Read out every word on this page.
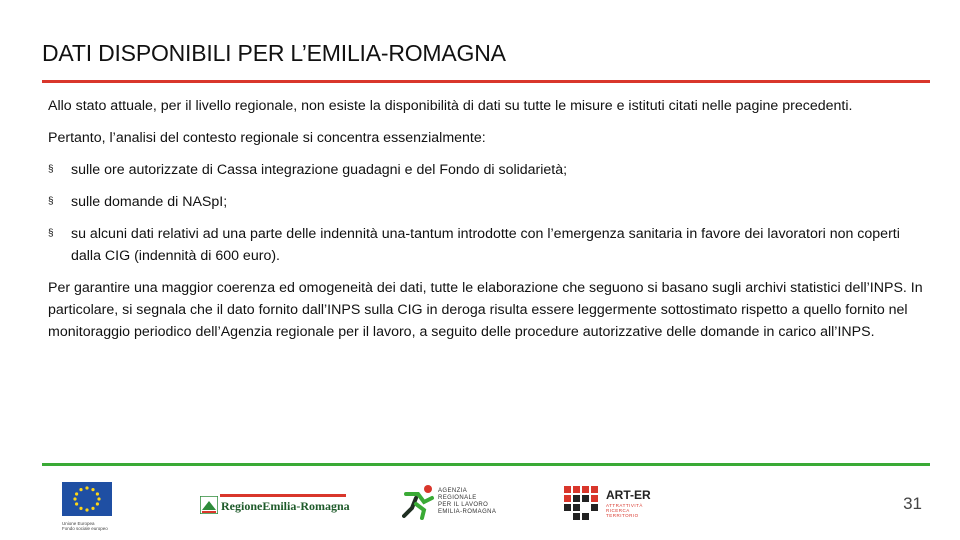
DATI DISPONIBILI PER L’EMILIA-ROMAGNA

Allo stato attuale, per il livello regionale, non esiste la disponibilità di dati su tutte le misure e istituti citati nelle pagine precedenti.

Pertanto, l’analisi del contesto regionale si concentra essenzialmente:

§ sulle ore autorizzate di Cassa integrazione guadagni e del Fondo di solidarietà;
§ sulle domande di NASpI;
§ su alcuni dati relativi ad una parte delle indennità una-tantum introdotte con l’emergenza sanitaria in favore dei lavoratori non coperti dalla CIG (indennità di 600 euro).

Per garantire una maggior coerenza ed omogeneità dei dati, tutte le elaborazione che seguono si basano sugli archivi statistici dell’INPS. In particolare, si segnala che il dato fornito dall’INPS sulla CIG in deroga risulta essere leggermente sottostimato rispetto a quello fornito nel monitoraggio periodico dell’Agenzia regionale per il lavoro, a seguito delle procedure autorizzative delle domande in carico all’INPS.

Unione Europea
Fondo sociale europeo
RegioneEmilia-Romagna
AGENZIA
REGIONALE
PER IL LAVORO
EMILIA-ROMAGNA
ART-ER
ATTRATTIVITÀ
RICERCA
TERRITORIO
31
